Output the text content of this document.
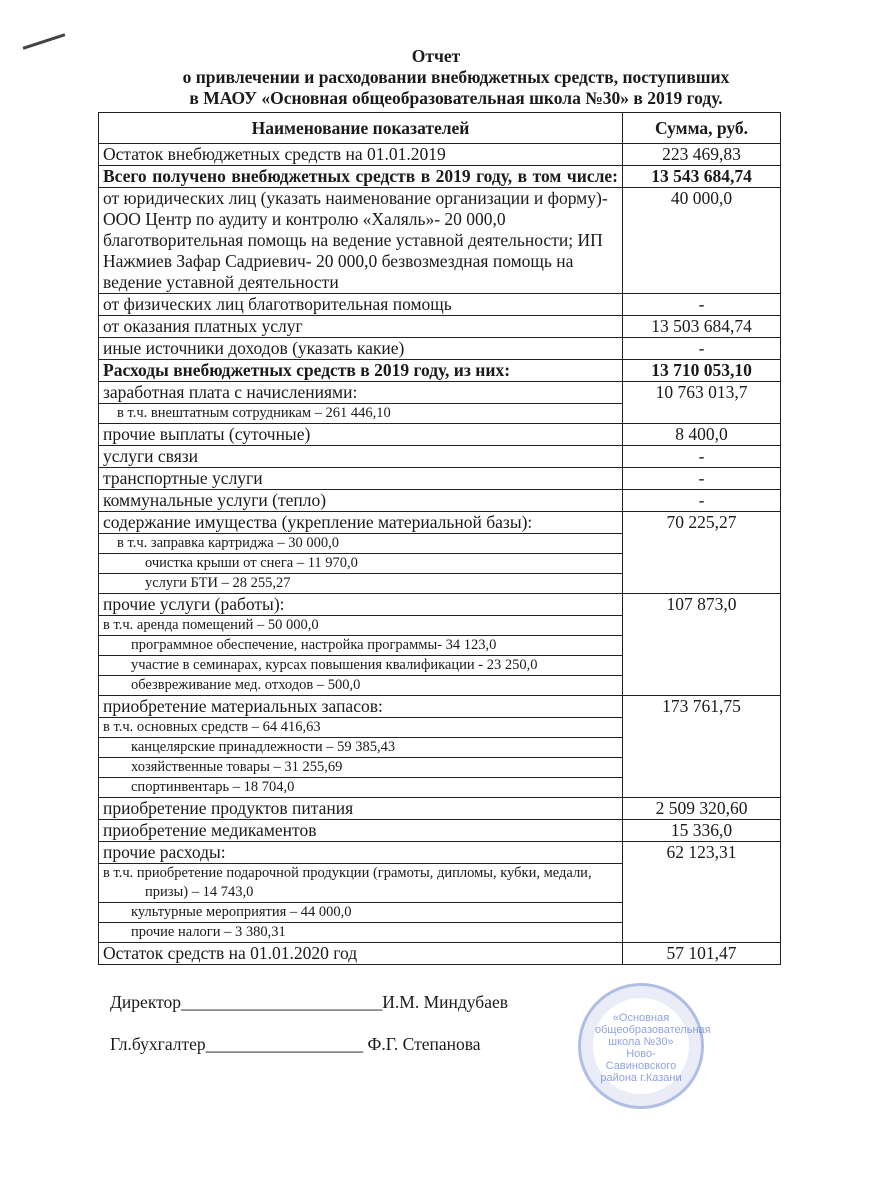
Отчет
о привлечении и расходовании внебюджетных средств, поступивших
в МАОУ «Основная общеобразовательная школа №30» в 2019 году.
Наименование показателей	Сумма, руб.
Остаток внебюджетных средств на 01.01.2019	223 469,83
Всего получено внебюджетных средств в 2019 году, в том числе:	13 543 684,74
от юридических лиц (указать наименование организации и форму)- ООО Центр по аудиту и контролю «Халяль»- 20 000,0 благотворительная помощь на ведение уставной деятельности; ИП Нажмиев Зафар Садриевич- 20 000,0 безвозмездная помощь на ведение уставной деятельности	40 000,0
от физических лиц благотворительная помощь	-
от оказания платных услуг	13 503 684,74
иные источники доходов (указать какие)	-
Расходы внебюджетных средств в 2019 году, из них:	13 710 053,10
заработная плата с начислениями:	10 763 013,7
в т.ч. внештатным сотрудникам – 261 446,10	
прочие выплаты (суточные)	8 400,0
услуги связи	-
транспортные услуги	-
коммунальные услуги (тепло)	-
содержание имущества (укрепление материальной базы):	70 225,27
в т.ч. заправка картриджа – 30 000,0	
очистка крыши от снега – 11 970,0	
услуги БТИ – 28 255,27	
прочие услуги (работы):	107 873,0
в т.ч. аренда помещений – 50 000,0	
программное обеспечение, настройка программы- 34 123,0	
участие в семинарах, курсах повышения квалификации - 23 250,0	
обезвреживание мед. отходов – 500,0	
приобретение материальных запасов:	173 761,75
в т.ч. основных средств – 64 416,63	
канцелярские принадлежности – 59 385,43	
хозяйственные товары – 31 255,69	
спортинвентарь – 18 704,0	
приобретение продуктов питания	2 509 320,60
приобретение медикаментов	15 336,0
прочие расходы:	62 123,31
в т.ч. приобретение подарочной продукции (грамоты, дипломы, кубки, медали, призы) – 14 743,0	
культурные мероприятия – 44 000,0	
прочие налоги – 3 380,31	
Остаток средств на 01.01.2020 год	57 101,47
Директор_______________________И.М. Миндубаев
Гл.бухгалтер__________________ Ф.Г. Степанова
«Основная общеобразовательная школа №30» Ново-Савиновского района г.Казани
